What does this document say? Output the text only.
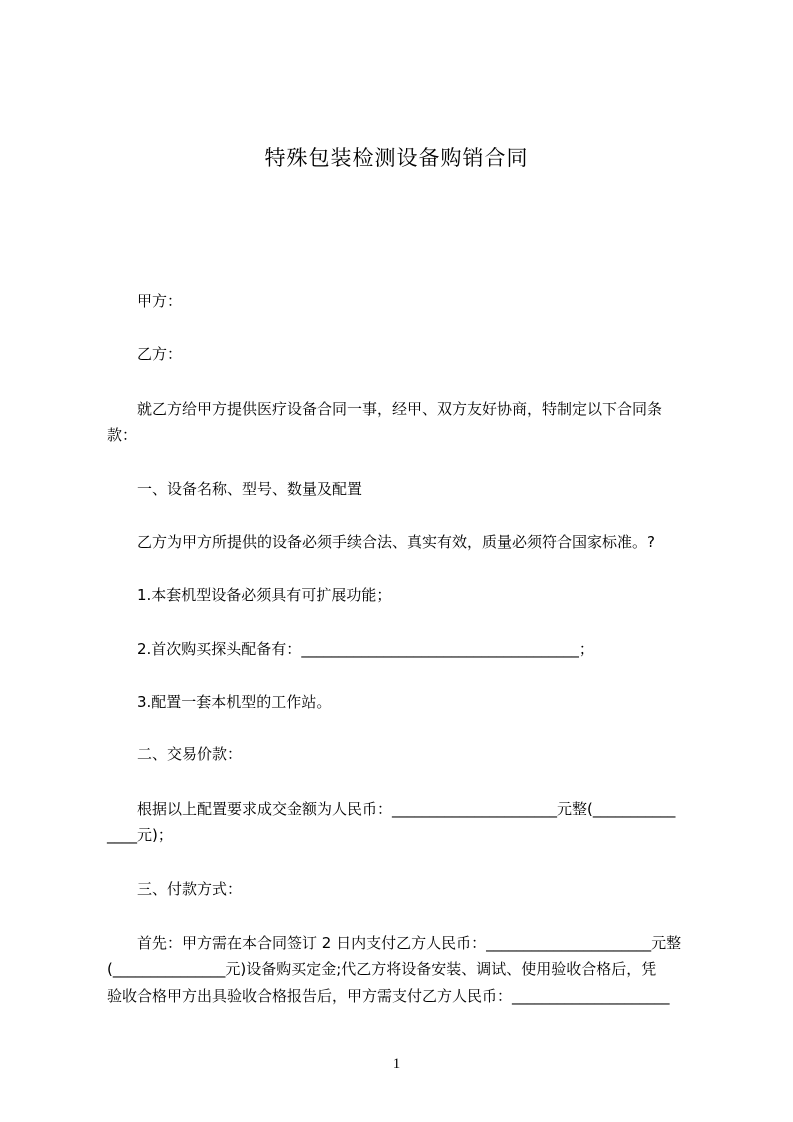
特殊包装检测设备购销合同
甲方：
乙方：
就乙方给甲方提供医疗设备合同一事，经甲、双方友好协商，特制定以下合同条
款：
一、设备名称、型号、数量及配置
乙方为甲方所提供的设备必须手续合法、真实有效，质量必须符合国家标准。?
1.本套机型设备必须具有可扩展功能；
2.首次购买探头配备有：_____________________________________；
3.配置一套本机型的工作站。
二、交易价款：
根据以上配置要求成交金额为人民币：______________________元整(___________
____元)；
三、付款方式：
首先：甲方需在本合同签订 2 日内支付乙方人民币：______________________元整
(_______________元)设备购买定金;代乙方将设备安装、调试、使用验收合格后，凭
验收合格甲方出具验收合格报告后，甲方需支付乙方人民币：_____________________
1
